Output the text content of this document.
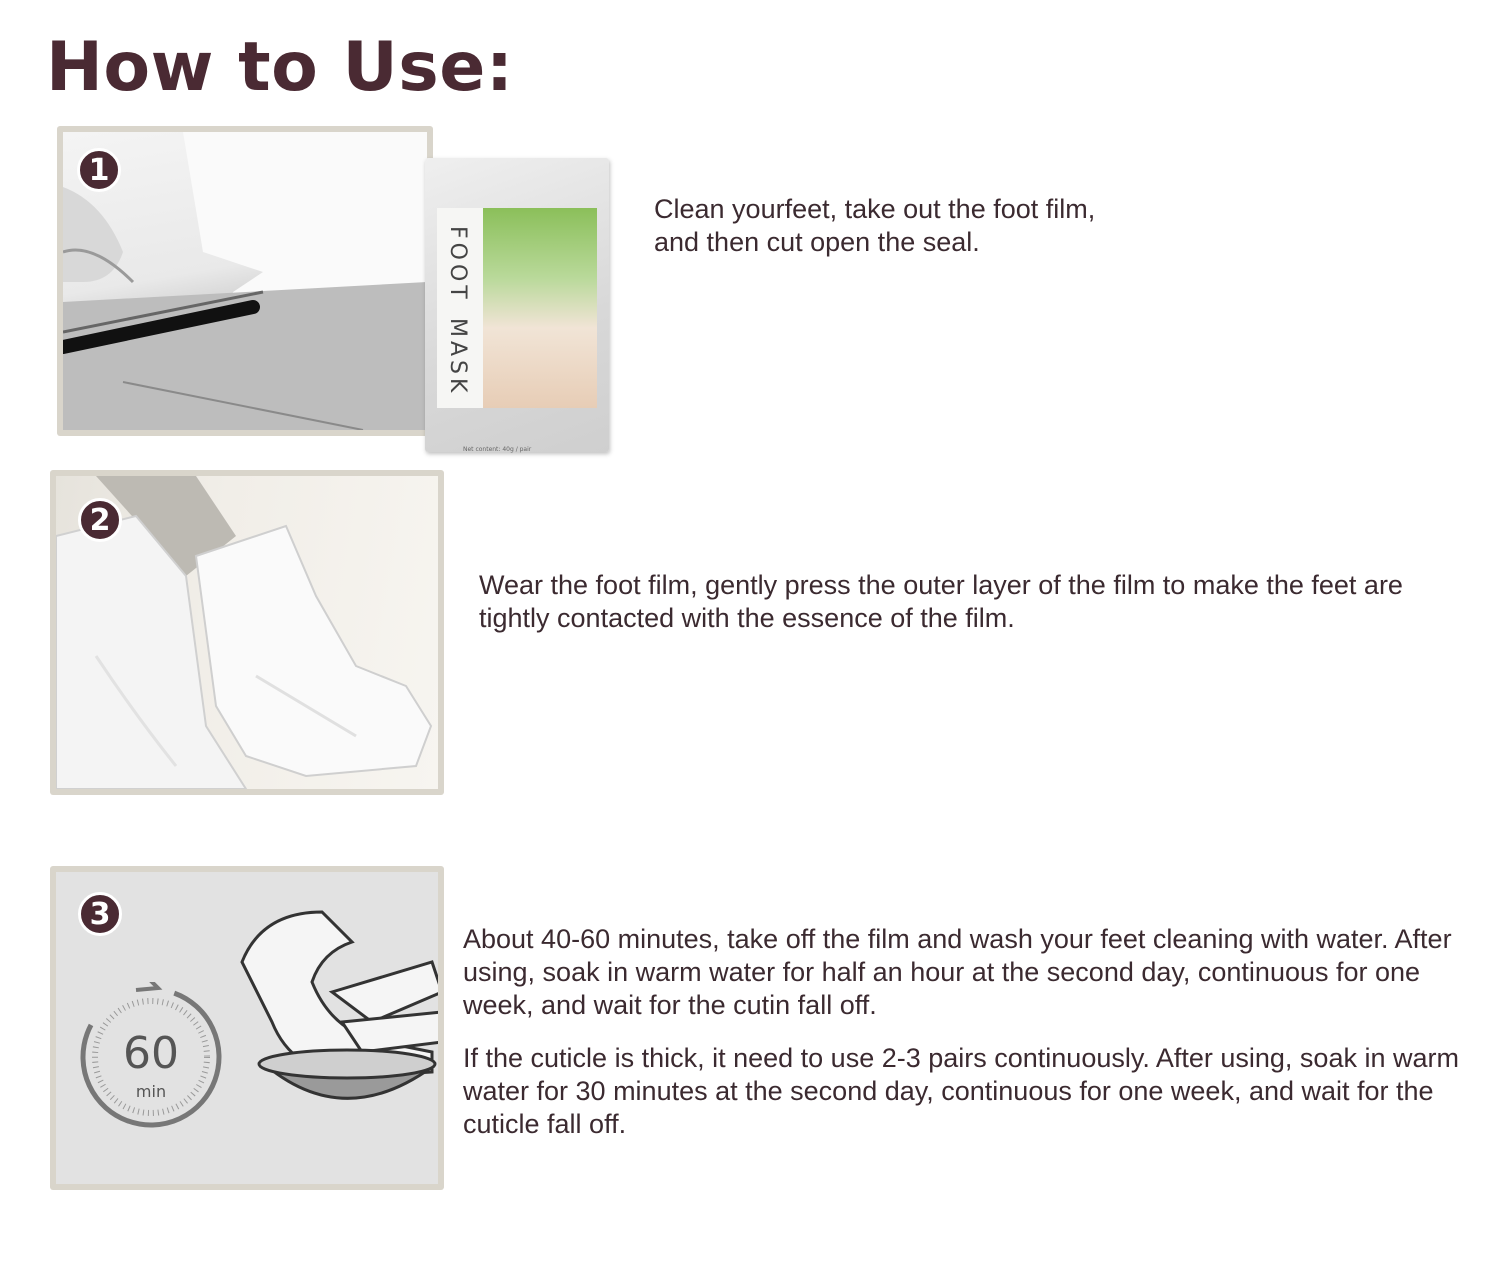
How to Use:
1
FOOT
MASK
Net content: 40g / pair

Clean yourfeet, take out the foot film,

and then cut open the seal.

2

Wear the foot film, gently press the outer layer of the film to make the feet are tightly contacted with the essence of the film.

3
60
min

About 40-60 minutes, take off the film and wash your feet cleaning with water. After using, soak in warm water for half an hour at the second day, continuous for one week, and wait for the cutin fall off.

If the cuticle is thick, it need to use 2-3 pairs continuously. After using, soak in warm water for 30 minutes at the second day, continuous for one week, and wait for the cuticle fall off.
